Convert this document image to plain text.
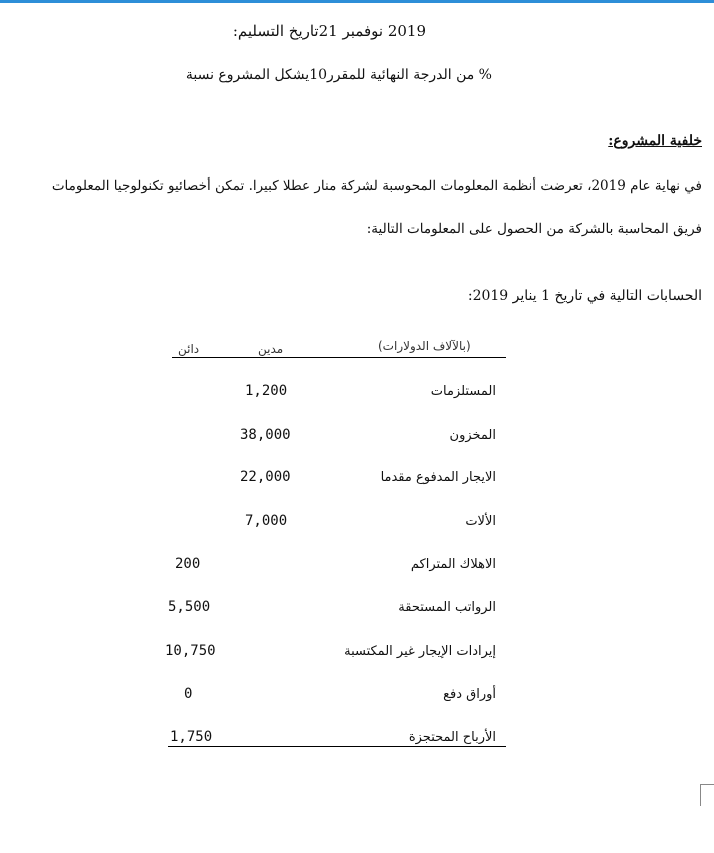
2019 نوفمبر 21تاريخ التسليم:
% من الدرجة النهائية للمقرر10يشكل المشروع نسبة
خلفية المشروع:
في نهاية عام 2019، تعرضت أنظمة المعلومات المحوسبة لشركة منار عطلا كبيرا. تمكن أخصائيو تكنولوجيا المعلومات
فريق المحاسبة بالشركة من الحصول على المعلومات التالية:
الحسابات التالية في تاريخ 1 يناير 2019:
(بالآلاف الدولارات)
مدين
دائن
المستلزمات
1,200
المخزون
38,000
الايجار المدفوع مقدما
22,000
الألات
7,000
الاهلاك المتراكم
200
الرواتب المستحقة
5,500
إيرادات الإيجار غير المكتسبة
10,750
أوراق دفع
0
الأرباح المحتجزة
1,750
